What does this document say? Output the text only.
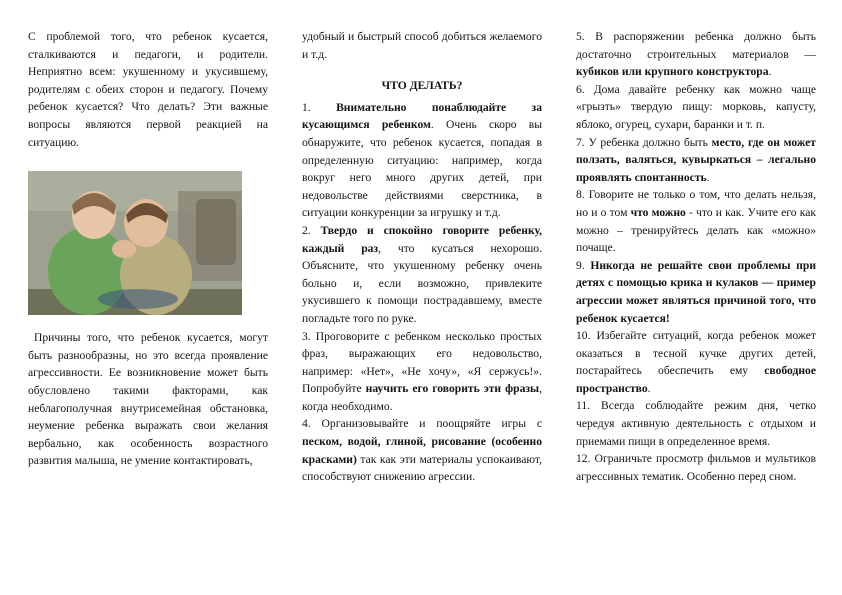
С проблемой того, что ребенок кусается, сталкиваются и педагоги, и родители. Неприятно всем: укушенному и укусившему, родителям с обеих сторон и педагогу. Почему ребенок кусается? Что делать? Эти важные вопросы являются первой реакцией на ситуацию.

Причины того, что ребенок кусается, могут быть разнообразны, но это всегда проявление агрессивности. Ее возникновение может быть обусловлено такими факторами, как неблагополучная внутрисемейная обстановка, неумение ребенка выражать свои желания вербально, как особенность возрастного развития малыша, не умение контактировать,

удобный и быстрый способ добиться желаемого и т.д.

ЧТО ДЕЛАТЬ?

1. Внимательно понаблюдайте за кусающимся ребенком. Очень скоро вы обнаружите, что ребенок кусается, попадая в определенную ситуацию: например, когда вокруг него много других детей, при недовольстве действиями сверстника, в ситуации конкуренции за игрушку и т.д.

2. Твердо и спокойно говорите ребенку, каждый раз, что кусаться нехорошо. Объясните, что укушенному ребенку очень больно и, если возможно, привлеките укусившего к помощи пострадавшему, вместе погладьте того по руке.

3. Проговорите с ребенком несколько простых фраз, выражающих его недовольство, например: «Нет», «Не хочу», «Я сержусь!». Попробуйте научить его говорить эти фразы, когда необходимо.

4. Организовывайте и поощряйте игры с песком, водой, глиной, рисование (особенно красками) так как эти материалы успокаивают, способствуют снижению агрессии.

5. В распоряжении ребенка должно быть достаточно строительных материалов — кубиков или крупного конструктора.

6. Дома давайте ребенку как можно чаще «грызть» твердую пищу: морковь, капусту, яблоко, огурец, сухари, баранки и т. п.

7. У ребенка должно быть место, где он может ползать, валяться, кувыркаться – легально проявлять спонтанность.

8. Говорите не только о том, что делать нельзя, но и о том что можно - что и как. Учите его как можно – тренируйтесь делать как «можно» почаще.

9. Никогда не решайте свои проблемы при детях с помощью крика и кулаков — пример агрессии может являться причиной того, что ребенок кусается!

10. Избегайте ситуаций, когда ребенок может оказаться в тесной кучке других детей, постарайтесь обеспечить ему свободное пространство.

11. Всегда соблюдайте режим дня, четко чередуя активную деятельность с отдыхом и приемами пищи в определенное время.

12. Ограничьте просмотр фильмов и мультиков агрессивных тематик. Особенно перед сном.
